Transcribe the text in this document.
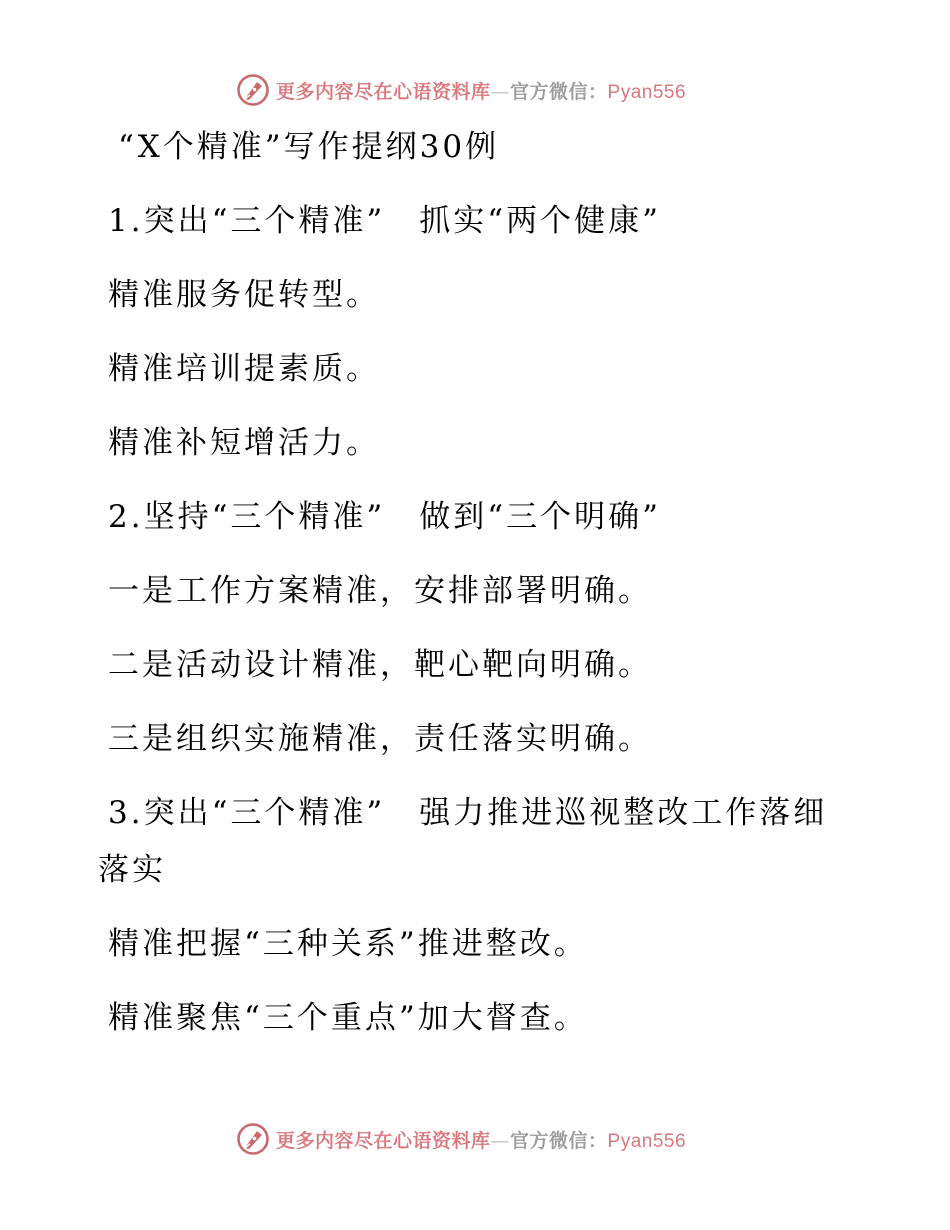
更多内容尽在心语资料库—官方微信：Pyan556
“X个精准”写作提纲30例
1.突出“三个精准”　抓实“两个健康”
精准服务促转型。
精准培训提素质。
精准补短增活力。
2.坚持“三个精准”　做到“三个明确”
一是工作方案精准，安排部署明确。
二是活动设计精准，靶心靶向明确。
三是组织实施精准，责任落实明确。
3.突出“三个精准”　强力推进巡视整改工作落细
落实
精准把握“三种关系”推进整改。
精准聚焦“三个重点”加大督查。
更多内容尽在心语资料库—官方微信：Pyan556
